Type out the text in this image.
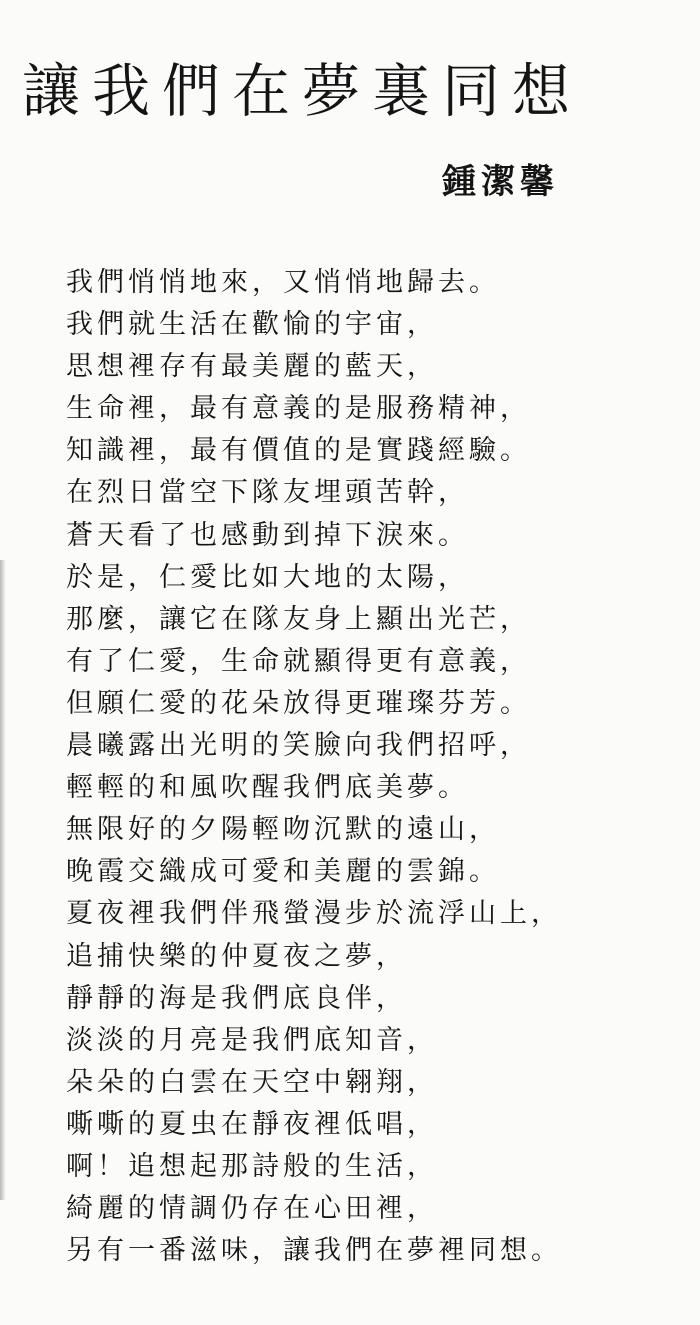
讓我們在夢裏同想

鍾潔馨

我們悄悄地來，又悄悄地歸去。
我們就生活在歡愉的宇宙，
思想裡存有最美麗的藍天，
生命裡，最有意義的是服務精神，
知識裡，最有價值的是實踐經驗。
在烈日當空下隊友埋頭苦幹，
蒼天看了也感動到掉下淚來。
於是，仁愛比如大地的太陽，
那麼，讓它在隊友身上顯出光芒，
有了仁愛，生命就顯得更有意義，
但願仁愛的花朵放得更璀璨芬芳。
晨曦露出光明的笑臉向我們招呼，
輕輕的和風吹醒我們底美夢。
無限好的夕陽輕吻沉默的遠山，
晚霞交織成可愛和美麗的雲錦。
夏夜裡我們伴飛螢漫步於流浮山上，
追捕快樂的仲夏夜之夢，
靜靜的海是我們底良伴，
淡淡的月亮是我們底知音，
朵朵的白雲在天空中翱翔，
嘶嘶的夏虫在靜夜裡低唱，
啊！追想起那詩般的生活，
綺麗的情調仍存在心田裡，
另有一番滋味，讓我們在夢裡同想。
